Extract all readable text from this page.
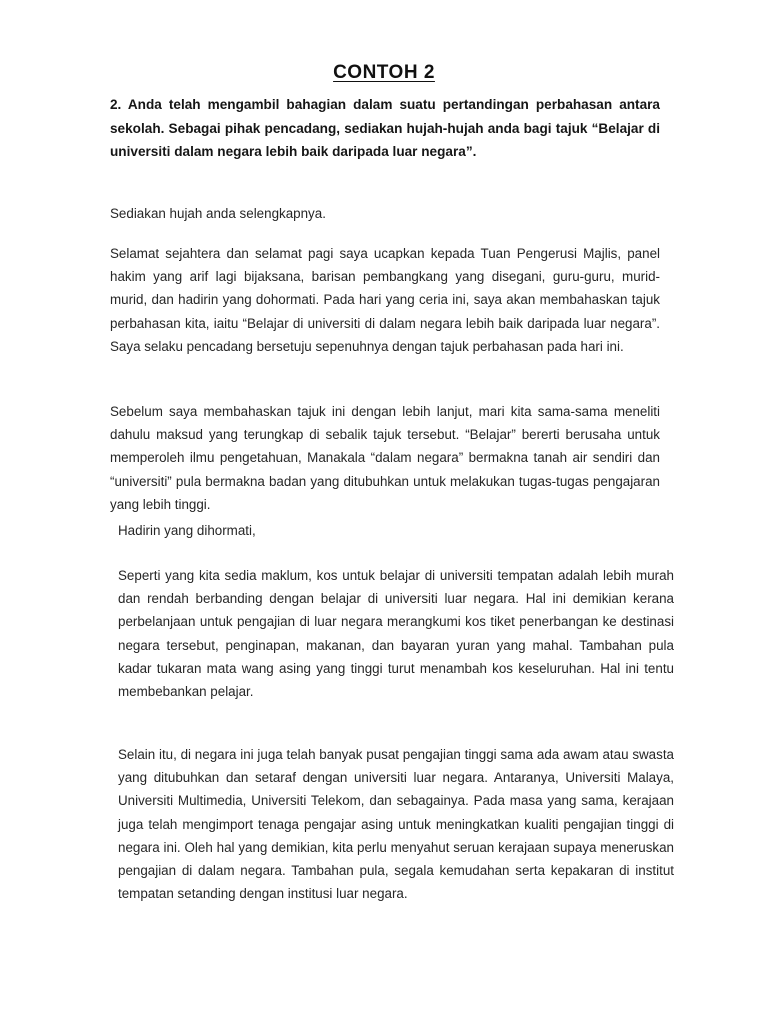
CONTOH 2
2. Anda telah mengambil bahagian dalam suatu pertandingan perbahasan antara sekolah. Sebagai pihak pencadang, sediakan hujah-hujah anda bagi tajuk “Belajar di universiti dalam negara lebih baik daripada luar negara”.
Sediakan hujah anda selengkapnya.
Selamat sejahtera dan selamat pagi saya ucapkan kepada Tuan Pengerusi Majlis, panel hakim yang arif lagi bijaksana, barisan pembangkang yang disegani, guru-guru, murid-murid, dan hadirin yang dohormati. Pada hari yang ceria ini, saya akan membahaskan tajuk perbahasan kita, iaitu “Belajar di universiti di dalam negara lebih baik daripada luar negara”. Saya selaku pencadang bersetuju sepenuhnya dengan tajuk perbahasan pada hari ini.
Sebelum saya membahaskan tajuk ini dengan lebih lanjut, mari kita sama-sama meneliti dahulu maksud yang terungkap di sebalik tajuk tersebut. “Belajar” bererti berusaha untuk memperoleh ilmu pengetahuan, Manakala “dalam negara” bermakna tanah air sendiri dan “universiti” pula bermakna badan yang ditubuhkan untuk melakukan tugas-tugas pengajaran yang lebih tinggi.
Hadirin yang dihormati,
Seperti yang kita sedia maklum, kos untuk belajar di universiti tempatan adalah lebih murah dan rendah berbanding dengan belajar di universiti luar negara. Hal ini demikian kerana perbelanjaan untuk pengajian di luar negara merangkumi kos tiket penerbangan ke destinasi negara tersebut, penginapan, makanan, dan bayaran yuran yang mahal. Tambahan pula kadar tukaran mata wang asing yang tinggi turut menambah kos keseluruhan. Hal ini tentu membebankan pelajar.
Selain itu, di negara ini juga telah banyak pusat pengajian tinggi sama ada awam atau swasta yang ditubuhkan dan setaraf dengan universiti luar negara. Antaranya, Universiti Malaya, Universiti Multimedia, Universiti Telekom, dan sebagainya. Pada masa yang sama, kerajaan juga telah mengimport tenaga pengajar asing untuk meningkatkan kualiti pengajian tinggi di negara ini. Oleh hal yang demikian, kita perlu menyahut seruan kerajaan supaya meneruskan pengajian di dalam negara. Tambahan pula, segala kemudahan serta kepakaran di institut tempatan setanding dengan institusi luar negara.
